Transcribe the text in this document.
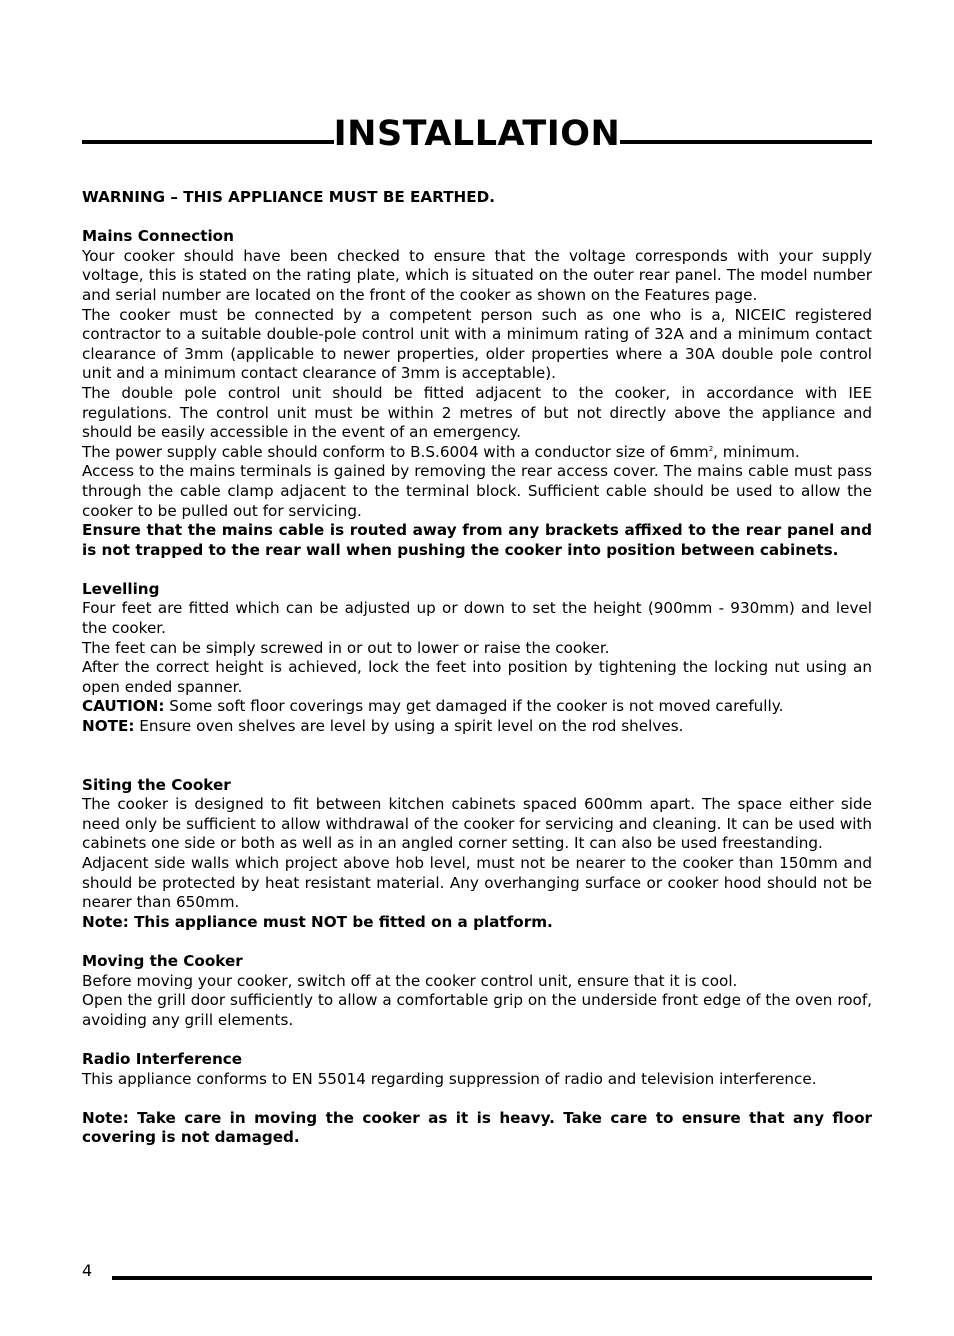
INSTALLATION

WARNING – THIS APPLIANCE MUST BE EARTHED.

Mains Connection

Your cooker should have been checked to ensure that the voltage corresponds with your supply voltage, this is stated on the rating plate, which is situated on the outer rear panel. The model number and serial number are located on the front of the cooker as shown on the Features page.

The cooker must be connected by a competent person such as one who is a, NICEIC registered contractor to a suitable double-pole control unit with a minimum rating of 32A and a minimum contact clearance of 3mm (applicable to newer properties, older properties where a 30A double pole control unit and a minimum contact clearance of 3mm is acceptable).

The double pole control unit should be fitted adjacent to the cooker, in accordance with IEE regulations. The control unit must be within 2 metres of but not directly above the appliance and should be easily accessible in the event of an emergency.

The power supply cable should conform to B.S.6004 with a conductor size of $6mm^2$, minimum.

Access to the mains terminals is gained by removing the rear access cover. The mains cable must pass through the cable clamp adjacent to the terminal block. Sufficient cable should be used to allow the cooker to be pulled out for servicing.

Ensure that the mains cable is routed away from any brackets affixed to the rear panel and is not trapped to the rear wall when pushing the cooker into position between cabinets.

Levelling

Four feet are fitted which can be adjusted up or down to set the height (900mm - 930mm) and level the cooker.

The feet can be simply screwed in or out to lower or raise the cooker.

After the correct height is achieved, lock the feet into position by tightening the locking nut using an open ended spanner.

CAUTION: Some soft floor coverings may get damaged if the cooker is not moved carefully.

NOTE: Ensure oven shelves are level by using a spirit level on the rod shelves.

Siting the Cooker

The cooker is designed to fit between kitchen cabinets spaced 600mm apart. The space either side need only be sufficient to allow withdrawal of the cooker for servicing and cleaning. It can be used with cabinets one side or both as well as in an angled corner setting. It can also be used freestanding.

Adjacent side walls which project above hob level, must not be nearer to the cooker than 150mm and should be protected by heat resistant material. Any overhanging surface or cooker hood should not be nearer than 650mm.

Note: This appliance must NOT be fitted on a platform.

Moving the Cooker

Before moving your cooker, switch off at the cooker control unit, ensure that it is cool.

Open the grill door sufficiently to allow a comfortable grip on the underside front edge of the oven roof, avoiding any grill elements.

Radio Interference

This appliance conforms to EN 55014 regarding suppression of radio and television interference.

Note: Take care in moving the cooker as it is heavy. Take care to ensure that any floor covering is not damaged.

4
